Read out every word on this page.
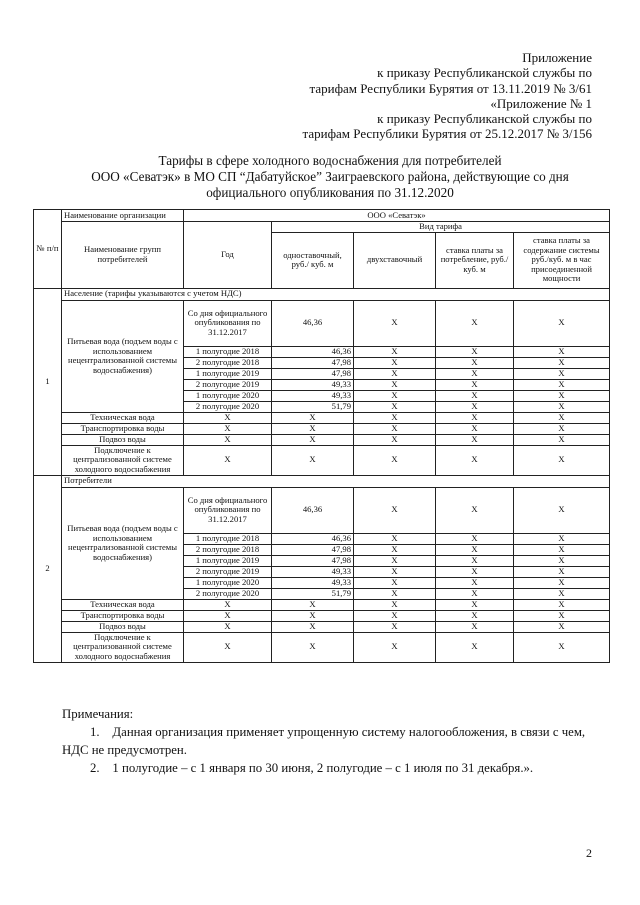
Приложение
к приказу Республиканской службы по
тарифам Республики Бурятия от 13.11.2019 № 3/61
«Приложение № 1
к приказу Республиканской службы по
тарифам Республики Бурятия от 25.12.2017 № 3/156
Тарифы в сфере холодного водоснабжения для потребителей
ООО «Севатэк» в МО СП “Дабатуйское” Заиграевского района, действующие со дня
официального опубликования по 31.12.2020
№ п/п	Наименование организации	ООО «Севатэк»				
	Наименование групп потребителей	Год	Вид тарифа			
			одноставочный, руб./ куб. м	двухставочный	ставка платы за потребление, руб./ куб. м	ставка платы за содержание системы руб./куб. м в час присоединенной мощности
1	Население (тарифы указываются с учетом НДС)					
	Питьевая вода (подъем воды с использованием нецентрализованной системы водоснабжения)	Со дня официального опубликования по 31.12.2017	46,36	Х	Х	Х
		1 полугодие 2018	46,36	Х	Х	Х
		2 полугодие 2018	47,98	Х	Х	Х
		1 полугодие 2019	47,98	Х	Х	Х
		2 полугодие 2019	49,33	Х	Х	Х
		1 полугодие 2020	49,33	Х	Х	Х
		2 полугодие 2020	51,79	Х	Х	Х
	Техническая вода	Х	Х	Х	Х	Х
	Транспортировка воды	Х	Х	Х	Х	Х
	Подвоз воды	Х	Х	Х	Х	Х
	Подключение к централизованной системе холодного водоснабжения	Х	Х	Х	Х	Х
2	Потребители					
	Питьевая вода (подъем воды с использованием нецентрализованной системы водоснабжения)	Со дня официального опубликования по 31.12.2017	46,36	Х	Х	Х
		1 полугодие 2018	46,36	Х	Х	Х
		2 полугодие 2018	47,98	Х	Х	Х
		1 полугодие 2019	47,98	Х	Х	Х
		2 полугодие 2019	49,33	Х	Х	Х
		1 полугодие 2020	49,33	Х	Х	Х
		2 полугодие 2020	51,79	Х	Х	Х
	Техническая вода	Х	Х	Х	Х	Х
	Транспортировка воды	Х	Х	Х	Х	Х
	Подвоз воды	Х	Х	Х	Х	Х
	Подключение к централизованной системе холодного водоснабжения	Х	Х	Х	Х	Х

Примечания:

1. Данная организация применяет упрощенную систему налогообложения, в связи с чем,

НДС не предусмотрен.

2. 1 полугодие – с 1 января по 30 июня, 2 полугодие – с 1 июля по 31 декабря.».

2
